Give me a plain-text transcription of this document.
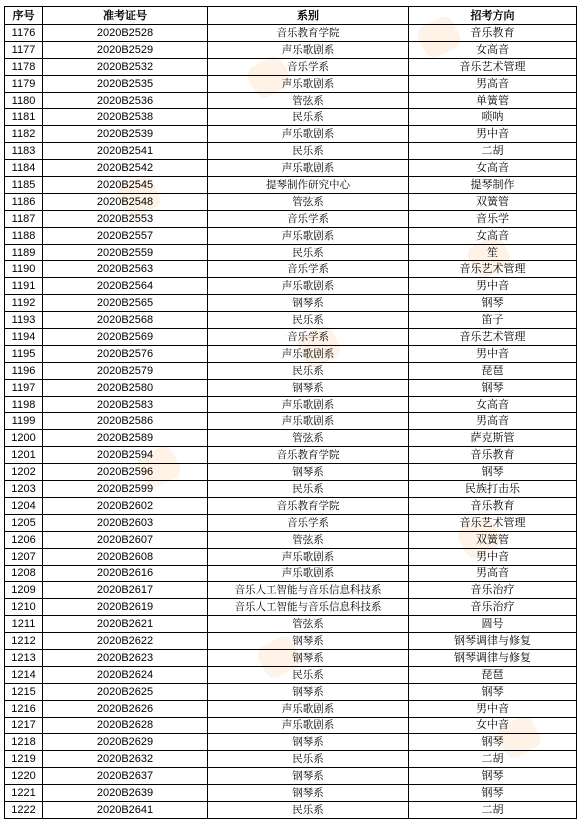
序号	准考证号	系别	招考方向
1176	2020B2528	音乐教育学院	音乐教育
1177	2020B2529	声乐歌剧系	女高音
1178	2020B2532	音乐学系	音乐艺术管理
1179	2020B2535	声乐歌剧系	男高音
1180	2020B2536	管弦系	单簧管
1181	2020B2538	民乐系	唢呐
1182	2020B2539	声乐歌剧系	男中音
1183	2020B2541	民乐系	二胡
1184	2020B2542	声乐歌剧系	女高音
1185	2020B2545	提琴制作研究中心	提琴制作
1186	2020B2548	管弦系	双簧管
1187	2020B2553	音乐学系	音乐学
1188	2020B2557	声乐歌剧系	女高音
1189	2020B2559	民乐系	笙
1190	2020B2563	音乐学系	音乐艺术管理
1191	2020B2564	声乐歌剧系	男中音
1192	2020B2565	钢琴系	钢琴
1193	2020B2568	民乐系	笛子
1194	2020B2569	音乐学系	音乐艺术管理
1195	2020B2576	声乐歌剧系	男中音
1196	2020B2579	民乐系	琵琶
1197	2020B2580	钢琴系	钢琴
1198	2020B2583	声乐歌剧系	女高音
1199	2020B2586	声乐歌剧系	男高音
1200	2020B2589	管弦系	萨克斯管
1201	2020B2594	音乐教育学院	音乐教育
1202	2020B2596	钢琴系	钢琴
1203	2020B2599	民乐系	民族打击乐
1204	2020B2602	音乐教育学院	音乐教育
1205	2020B2603	音乐学系	音乐艺术管理
1206	2020B2607	管弦系	双簧管
1207	2020B2608	声乐歌剧系	男中音
1208	2020B2616	声乐歌剧系	男高音
1209	2020B2617	音乐人工智能与音乐信息科技系	音乐治疗
1210	2020B2619	音乐人工智能与音乐信息科技系	音乐治疗
1211	2020B2621	管弦系	圆号
1212	2020B2622	钢琴系	钢琴调律与修复
1213	2020B2623	钢琴系	钢琴调律与修复
1214	2020B2624	民乐系	琵琶
1215	2020B2625	钢琴系	钢琴
1216	2020B2626	声乐歌剧系	男中音
1217	2020B2628	声乐歌剧系	女中音
1218	2020B2629	钢琴系	钢琴
1219	2020B2632	民乐系	二胡
1220	2020B2637	钢琴系	钢琴
1221	2020B2639	钢琴系	钢琴
1222	2020B2641	民乐系	二胡
